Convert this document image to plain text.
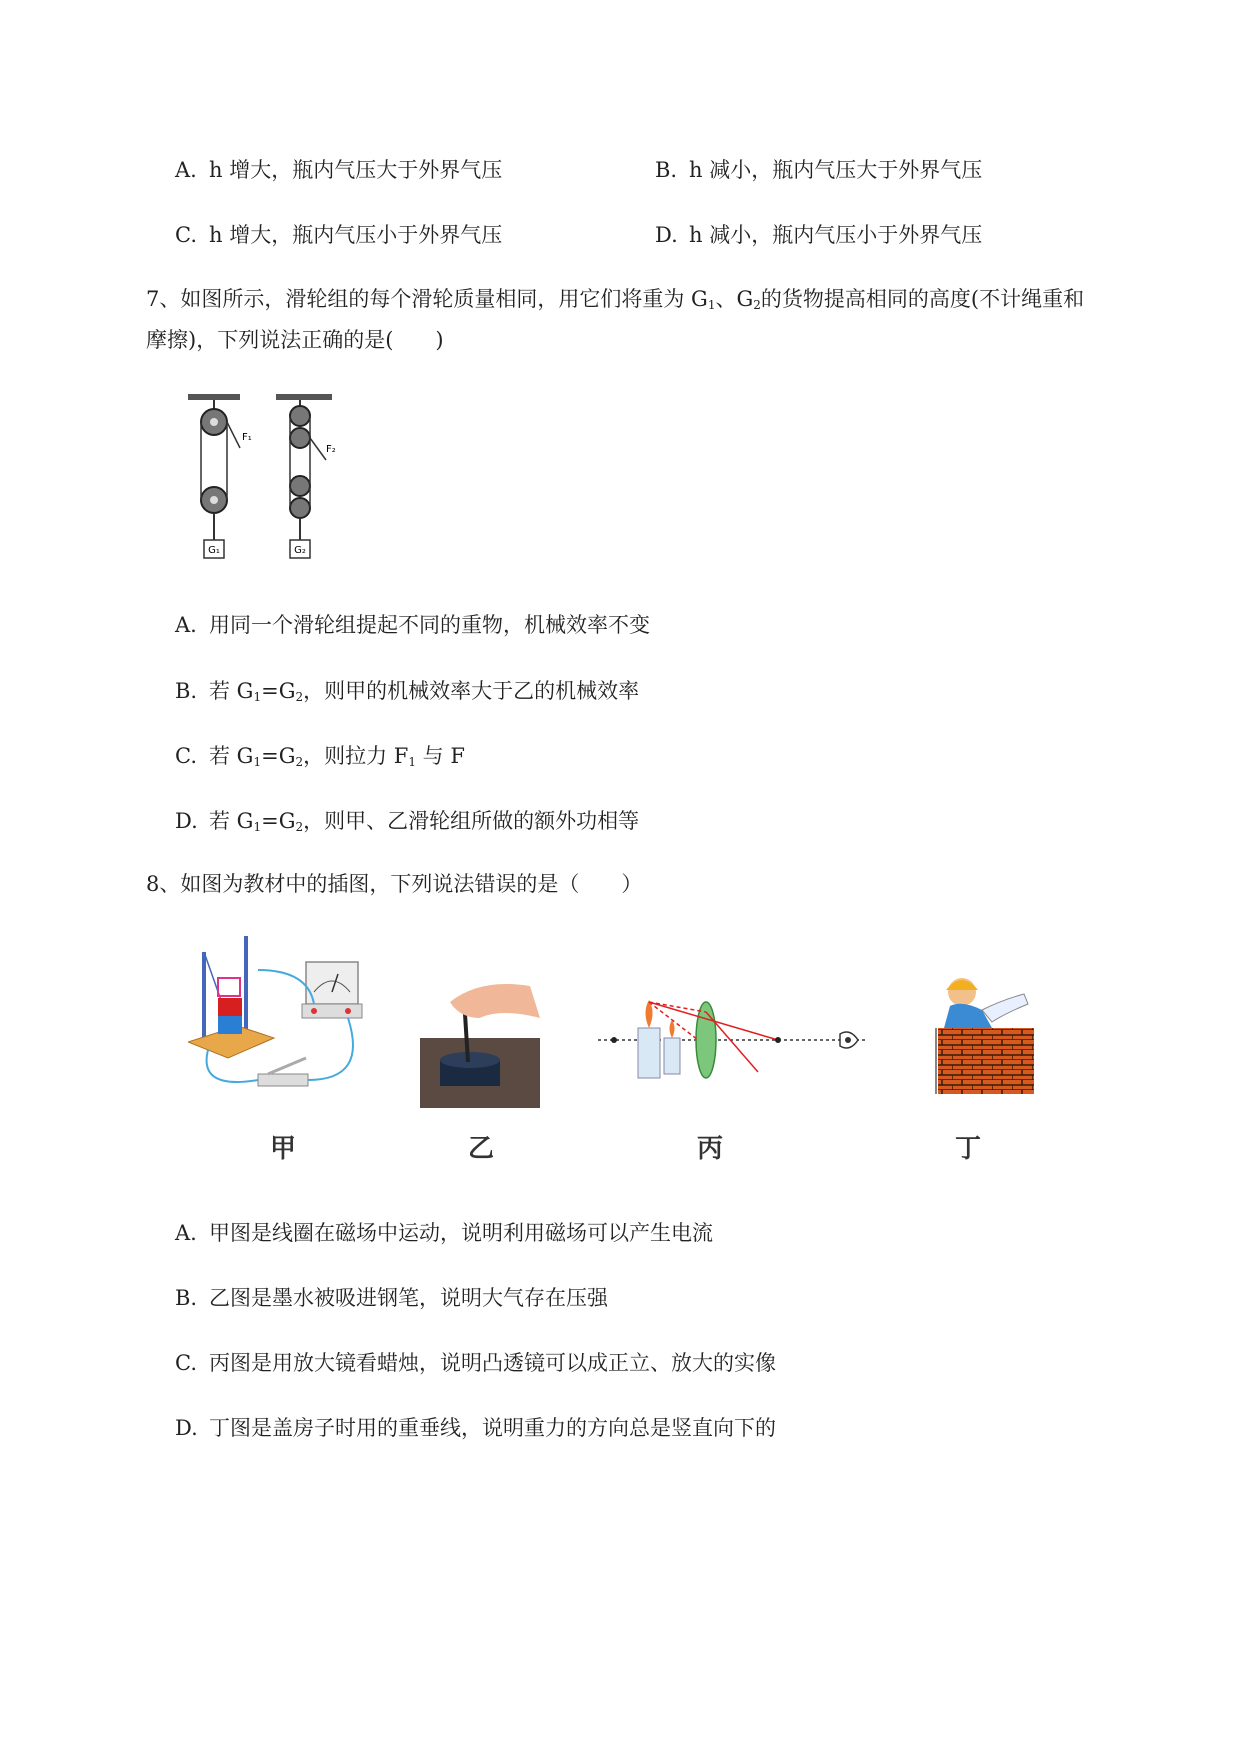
A. h 增大，瓶内气压大于外界气压	B. h 减小，瓶内气压大于外界气压
C. h 增大，瓶内气压小于外界气压	D. h 减小，瓶内气压小于外界气压
7、如图所示，滑轮组的每个滑轮质量相同，用它们将重为 $G_1$、$G_2$的货物提高相同的高度(不计绳重和
摩擦)，下列说法正确的是(　　)
G₁
F₁
G₂
F₂
A. 用同一个滑轮组提起不同的重物，机械效率不变
B. 若 $G_1=G_2$，则甲的机械效率大于乙的机械效率
C. 若 $G_1=G_2$，则拉力 $F_1$ 与 F
D. 若 $G_1=G_2$，则甲、乙滑轮组所做的额外功相等
8、如图为教材中的插图，下列说法错误的是（　　）
甲	乙	丙	丁
A. 甲图是线圈在磁场中运动，说明利用磁场可以产生电流
B. 乙图是墨水被吸进钢笔，说明大气存在压强
C. 丙图是用放大镜看蜡烛，说明凸透镜可以成正立、放大的实像
D. 丁图是盖房子时用的重垂线，说明重力的方向总是竖直向下的
